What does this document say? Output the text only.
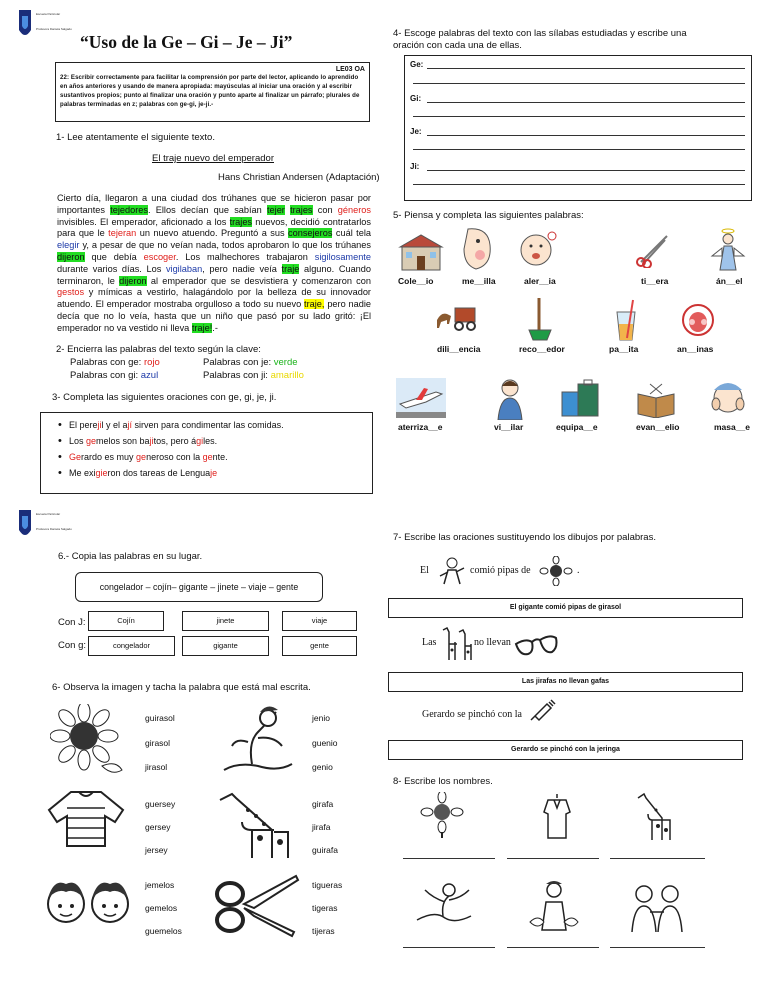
Escuela Particular
Profesora Daniela Salgado
“Uso de la Ge – Gi – Je – Ji”
LE03 OA
22: Escribir correctamente para facilitar la comprensión por parte del lector, aplicando lo aprendido en años anteriores y usando de manera apropiada: mayúsculas al iniciar una oración y al escribir sustantivos propios; punto al finalizar una oración y punto aparte al finalizar un párrafo; plurales de palabras terminadas en z; palabras con ge-gi, je-ji.-
1- Lee atentamente el siguiente texto.
El traje nuevo del emperador
Hans Christian Andersen (Adaptación)
Cierto día, llegaron a una ciudad dos trúhanes que se hicieron pasar por importantes tejedores. Ellos decían que sabían tejer trajes con géneros invisibles. El emperador, aficionado a los trajes nuevos, decidió contratarlos para que le tejeran un nuevo atuendo. Preguntó a sus consejeros cuál tela elegir y, a pesar de que no veían nada, todos aprobaron lo que los trúhanes dijeron que debía escoger. Los malhechores trabajaron sigilosamente durante varios días. Los vigilaban, pero nadie veía traje alguno. Cuando terminaron, le dijeron al emperador que se desvistiera y comenzaron con gestos y mímicas a vestirlo, halagándolo por la belleza de su innovador atuendo. El emperador mostraba orgulloso a todo su nuevo traje, pero nadie decía que no lo veía, hasta que un niño que pasó por su lado gritó: ¡El emperador no va vestido ni lleva traje!.-
2- Encierra las palabras del texto según la clave:
Palabras con ge: rojo	Palabras con je: verde
Palabras con gi: azul	Palabras con ji: amarillo
3- Completa las siguientes oraciones con ge, gi, je, ji.
• El perejil y el ají sirven para condimentar las comidas.
• Los gemelos son bajitos, pero ágiles.
• Gerardo es muy generoso con la gente.
• Me exigieron dos tareas de Lenguaje
4- Escoge palabras del texto con las sílabas estudiadas y escribe una oración con cada una de ellas.
Ge:
Gi:
Je:
Ji:
5- Piensa y completa las siguientes palabras:
Cole__io	me__illa	aler__ia	ti__era	án__el
dili__encia	reco__edor	pa__ita	an__inas
aterriza__e	vi__ilar	equipa__e	evan__elio	masa__e
Escuela Particular
Profesora Daniela Salgado
6.- Copia las palabras en su lugar.
congelador – cojín– gigante – jinete – viaje – gente
Con J:	Cojín	jinete	viaje
Con g:	congelador	gigante	gente
6- Observa la imagen y tacha la palabra que está mal escrita.
guirasol
girasol
jirasol
jenio
guenio
genio
guersey
gersey
jersey
girafa
jirafa
guirafa
jemelos
gemelos
guemelos
tigueras
tigeras
tijeras
7- Escribe las oraciones sustituyendo los dibujos por palabras.
El	comió pipas de	.
El gigante comió pipas de girasol
Las	no llevan
Las jirafas no llevan gafas
Gerardo se pinchó con la
Gerardo se pinchó con la jeringa
8- Escribe los nombres.
